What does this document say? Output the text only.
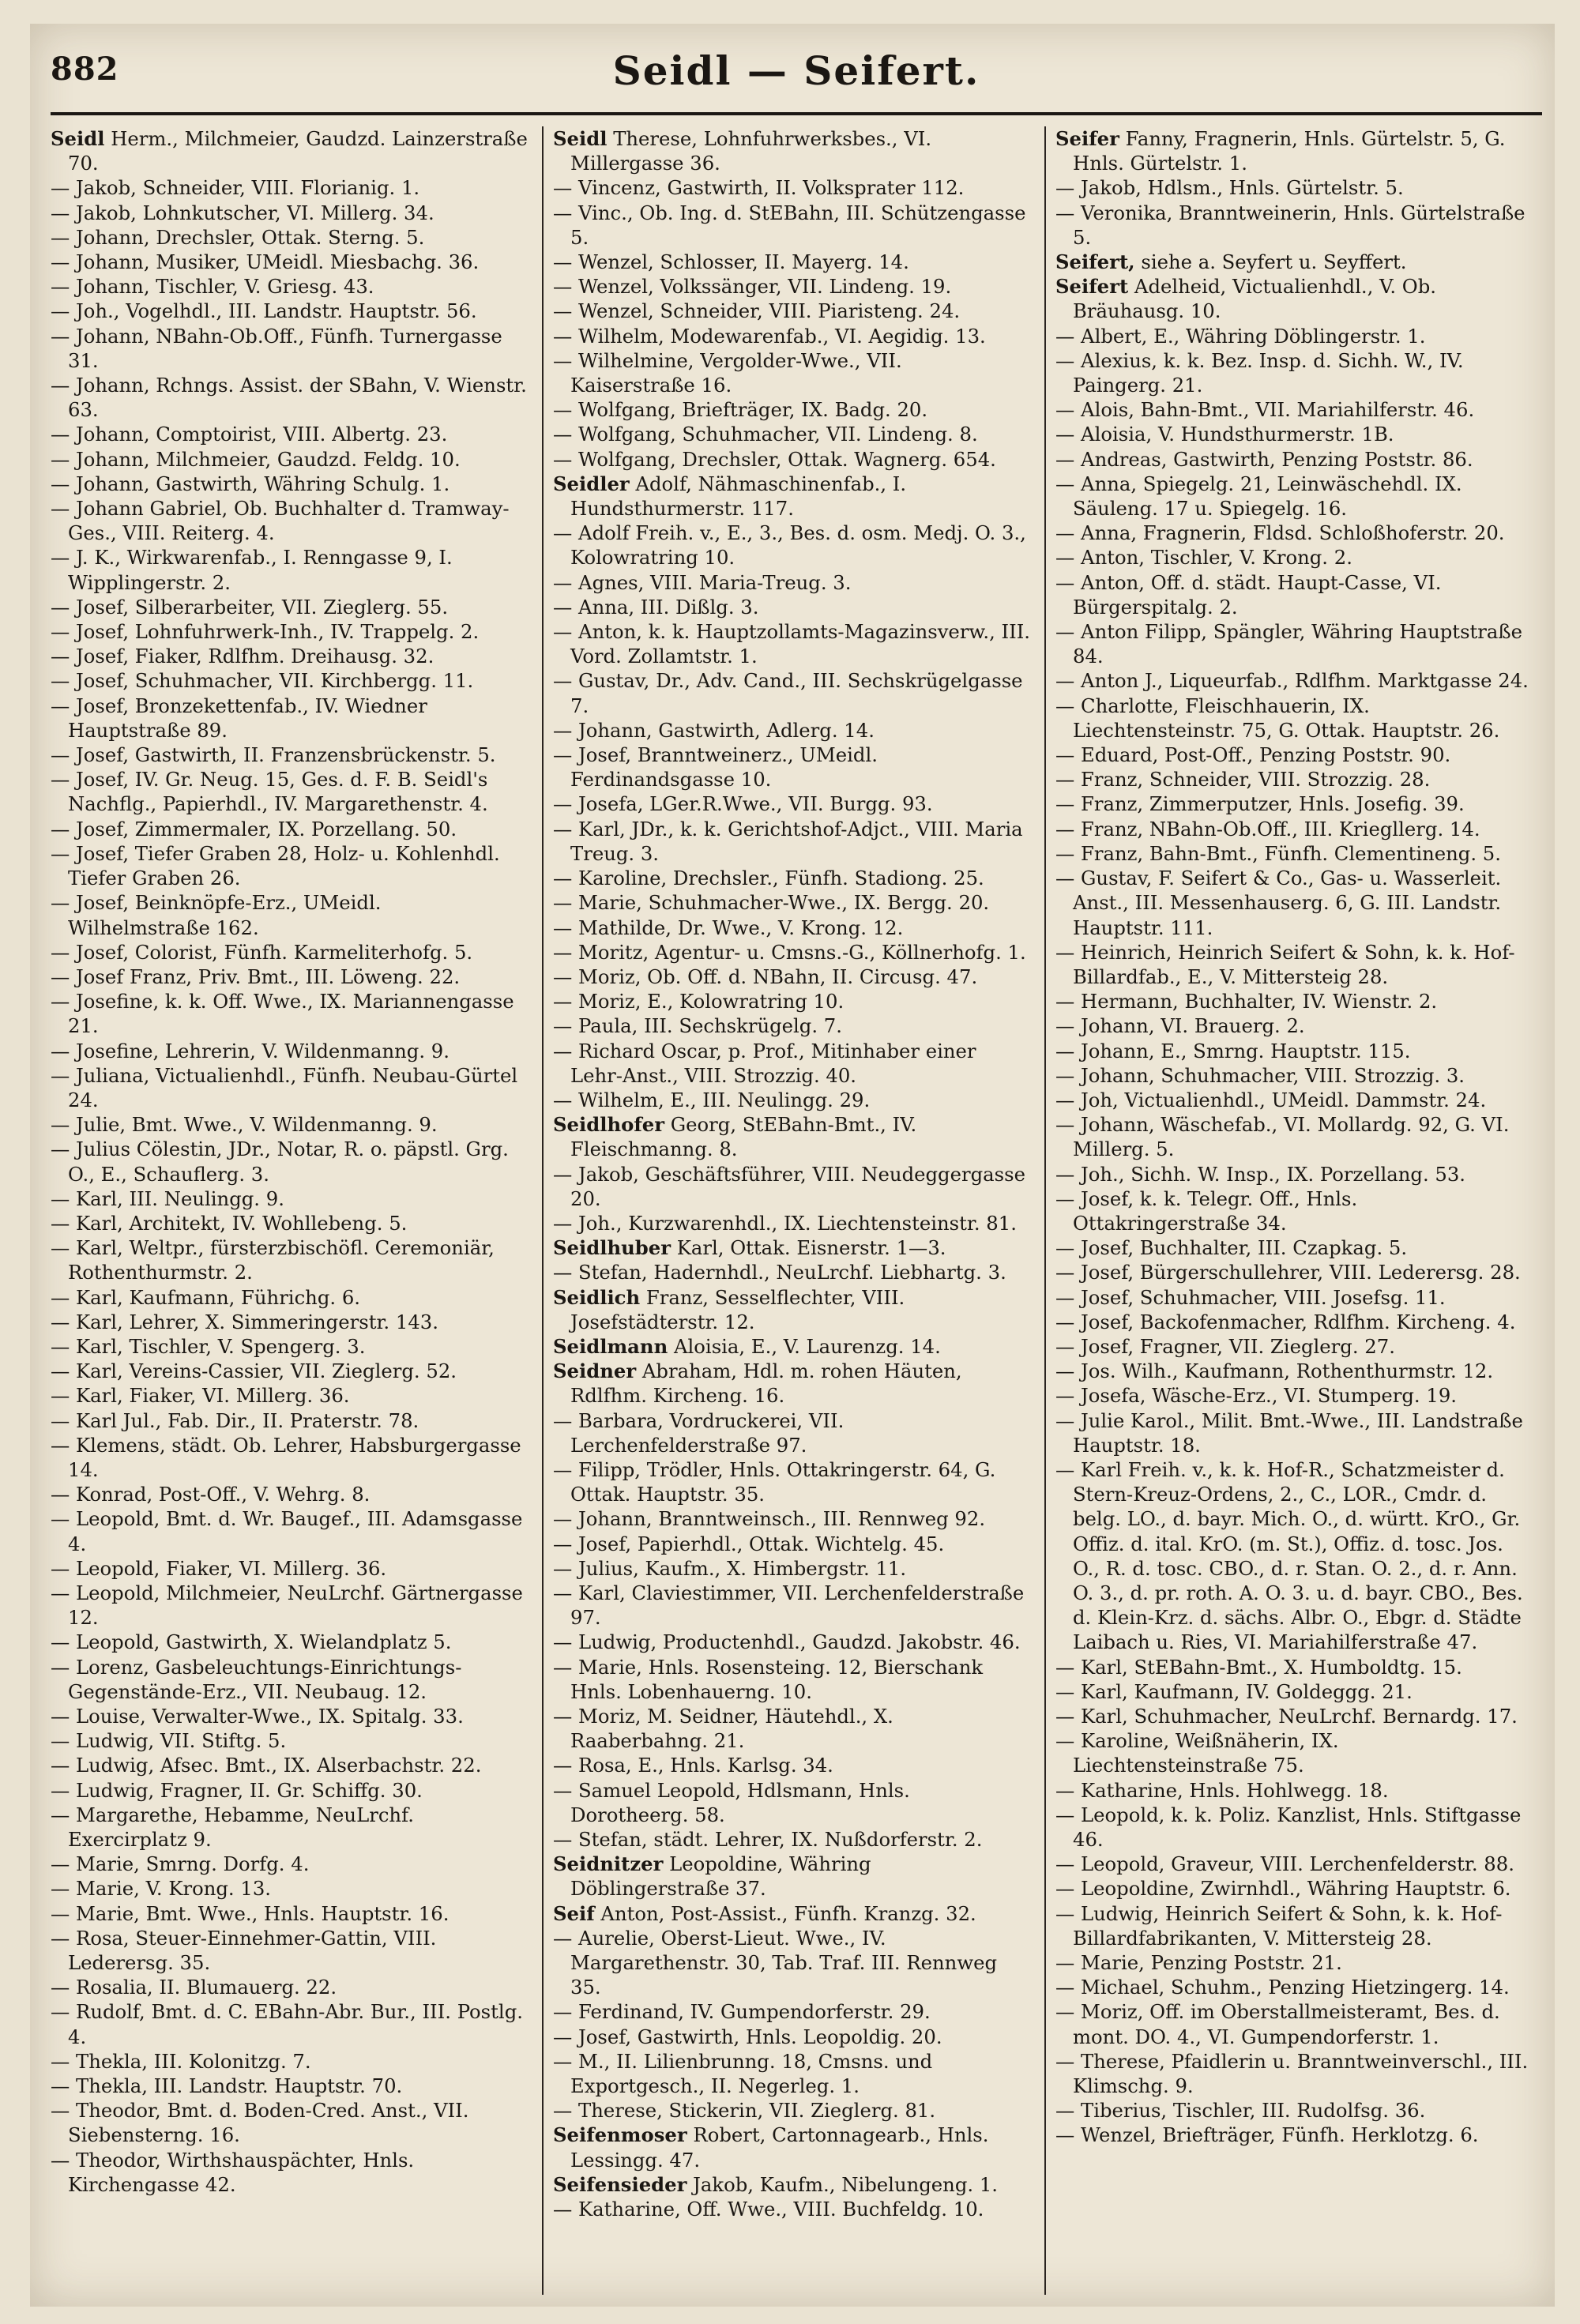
882	Seidl — Seifert.

Seidl Herm., Milchmeier, Gaudzd. Lainzerstraße 70.

— Jakob, Schneider, VIII. Florianig. 1.

— Jakob, Lohnkutscher, VI. Millerg. 34.

— Johann, Drechsler, Ottak. Sterng. 5.

— Johann, Musiker, UMeidl. Miesbachg. 36.

— Johann, Tischler, V. Griesg. 43.

— Joh., Vogelhdl., III. Landstr. Hauptstr. 56.

— Johann, NBahn-Ob.Off., Fünfh. Turnergasse 31.

— Johann, Rchngs. Assist. der SBahn, V. Wienstr. 63.

— Johann, Comptoirist, VIII. Albertg. 23.

— Johann, Milchmeier, Gaudzd. Feldg. 10.

— Johann, Gastwirth, Währing Schulg. 1.

— Johann Gabriel, Ob. Buchhalter d. Tramway-Ges., VIII. Reiterg. 4.

— J. K., Wirkwarenfab., I. Renngasse 9, I. Wipplingerstr. 2.

— Josef, Silberarbeiter, VII. Zieglerg. 55.

— Josef, Lohnfuhrwerk-Inh., IV. Trappelg. 2.

— Josef, Fiaker, Rdlfhm. Dreihausg. 32.

— Josef, Schuhmacher, VII. Kirchbergg. 11.

— Josef, Bronzekettenfab., IV. Wiedner Hauptstraße 89.

— Josef, Gastwirth, II. Franzensbrückenstr. 5.

— Josef, IV. Gr. Neug. 15, Ges. d. F. B. Seidl's Nachflg., Papierhdl., IV. Margarethenstr. 4.

— Josef, Zimmermaler, IX. Porzellang. 50.

— Josef, Tiefer Graben 28, Holz- u. Kohlenhdl. Tiefer Graben 26.

— Josef, Beinknöpfe-Erz., UMeidl. Wilhelmstraße 162.

— Josef, Colorist, Fünfh. Karmeliterhofg. 5.

— Josef Franz, Priv. Bmt., III. Löweng. 22.

— Josefine, k. k. Off. Wwe., IX. Mariannengasse 21.

— Josefine, Lehrerin, V. Wildenmanng. 9.

— Juliana, Victualienhdl., Fünfh. Neubau-Gürtel 24.

— Julie, Bmt. Wwe., V. Wildenmanng. 9.

— Julius Cölestin, JDr., Notar, R. o. päpstl. Grg. O., E., Schauflerg. 3.

— Karl, III. Neulingg. 9.

— Karl, Architekt, IV. Wohllebeng. 5.

— Karl, Weltpr., fürsterzbischöfl. Ceremoniär, Rothenthurmstr. 2.

— Karl, Kaufmann, Führichg. 6.

— Karl, Lehrer, X. Simmeringerstr. 143.

— Karl, Tischler, V. Spengerg. 3.

— Karl, Vereins-Cassier, VII. Zieglerg. 52.

— Karl, Fiaker, VI. Millerg. 36.

— Karl Jul., Fab. Dir., II. Praterstr. 78.

— Klemens, städt. Ob. Lehrer, Habsburgergasse 14.

— Konrad, Post-Off., V. Wehrg. 8.

— Leopold, Bmt. d. Wr. Baugef., III. Adamsgasse 4.

— Leopold, Fiaker, VI. Millerg. 36.

— Leopold, Milchmeier, NeuLrchf. Gärtnergasse 12.

— Leopold, Gastwirth, X. Wielandplatz 5.

— Lorenz, Gasbeleuchtungs-Einrichtungs-Gegenstände-Erz., VII. Neubaug. 12.

— Louise, Verwalter-Wwe., IX. Spitalg. 33.

— Ludwig, VII. Stiftg. 5.

— Ludwig, Afsec. Bmt., IX. Alserbachstr. 22.

— Ludwig, Fragner, II. Gr. Schiffg. 30.

— Margarethe, Hebamme, NeuLrchf. Exercirplatz 9.

— Marie, Smrng. Dorfg. 4.

— Marie, V. Krong. 13.

— Marie, Bmt. Wwe., Hnls. Hauptstr. 16.

— Rosa, Steuer-Einnehmer-Gattin, VIII. Lederersg. 35.

— Rosalia, II. Blumauerg. 22.

— Rudolf, Bmt. d. C. EBahn-Abr. Bur., III. Postlg. 4.

— Thekla, III. Kolonitzg. 7.

— Thekla, III. Landstr. Hauptstr. 70.

— Theodor, Bmt. d. Boden-Cred. Anst., VII. Siebensterng. 16.

— Theodor, Wirthshauspächter, Hnls. Kirchengasse 42.

Seidl Therese, Lohnfuhrwerksbes., VI. Millergasse 36.

— Vincenz, Gastwirth, II. Volksprater 112.

— Vinc., Ob. Ing. d. StEBahn, III. Schützengasse 5.

— Wenzel, Schlosser, II. Mayerg. 14.

— Wenzel, Volkssänger, VII. Lindeng. 19.

— Wenzel, Schneider, VIII. Piaristeng. 24.

— Wilhelm, Modewarenfab., VI. Aegidig. 13.

— Wilhelmine, Vergolder-Wwe., VII. Kaiserstraße 16.

— Wolfgang, Briefträger, IX. Badg. 20.

— Wolfgang, Schuhmacher, VII. Lindeng. 8.

— Wolfgang, Drechsler, Ottak. Wagnerg. 654.

Seidler Adolf, Nähmaschinenfab., I. Hundsthurmerstr. 117.

— Adolf Freih. v., E., 3., Bes. d. osm. Medj. O. 3., Kolowratring 10.

— Agnes, VIII. Maria-Treug. 3.

— Anna, III. Dißlg. 3.

— Anton, k. k. Hauptzollamts-Magazinsverw., III. Vord. Zollamtstr. 1.

— Gustav, Dr., Adv. Cand., III. Sechskrügelgasse 7.

— Johann, Gastwirth, Adlerg. 14.

— Josef, Branntweinerz., UMeidl. Ferdinandsgasse 10.

— Josefa, LGer.R.Wwe., VII. Burgg. 93.

— Karl, JDr., k. k. Gerichtshof-Adjct., VIII. Maria Treug. 3.

— Karoline, Drechsler., Fünfh. Stadiong. 25.

— Marie, Schuhmacher-Wwe., IX. Bergg. 20.

— Mathilde, Dr. Wwe., V. Krong. 12.

— Moritz, Agentur- u. Cmsns.-G., Köllnerhofg. 1.

— Moriz, Ob. Off. d. NBahn, II. Circusg. 47.

— Moriz, E., Kolowratring 10.

— Paula, III. Sechskrügelg. 7.

— Richard Oscar, p. Prof., Mitinhaber einer Lehr-Anst., VIII. Strozzig. 40.

— Wilhelm, E., III. Neulingg. 29.

Seidlhofer Georg, StEBahn-Bmt., IV. Fleischmanng. 8.

— Jakob, Geschäftsführer, VIII. Neudeggergasse 20.

— Joh., Kurzwarenhdl., IX. Liechtensteinstr. 81.

Seidlhuber Karl, Ottak. Eisnerstr. 1—3.

— Stefan, Hadernhdl., NeuLrchf. Liebhartg. 3.

Seidlich Franz, Sesselflechter, VIII. Josefstädterstr. 12.

Seidlmann Aloisia, E., V. Laurenzg. 14.

Seidner Abraham, Hdl. m. rohen Häuten, Rdlfhm. Kircheng. 16.

— Barbara, Vordruckerei, VII. Lerchenfelderstraße 97.

— Filipp, Trödler, Hnls. Ottakringerstr. 64, G. Ottak. Hauptstr. 35.

— Johann, Branntweinsch., III. Rennweg 92.

— Josef, Papierhdl., Ottak. Wichtelg. 45.

— Julius, Kaufm., X. Himbergstr. 11.

— Karl, Claviestimmer, VII. Lerchenfelderstraße 97.

— Ludwig, Productenhdl., Gaudzd. Jakobstr. 46.

— Marie, Hnls. Rosensteing. 12, Bierschank Hnls. Lobenhauerng. 10.

— Moriz, M. Seidner, Häutehdl., X. Raaberbahng. 21.

— Rosa, E., Hnls. Karlsg. 34.

— Samuel Leopold, Hdlsmann, Hnls. Dorotheerg. 58.

— Stefan, städt. Lehrer, IX. Nußdorferstr. 2.

Seidnitzer Leopoldine, Währing Döblingerstraße 37.

Seif Anton, Post-Assist., Fünfh. Kranzg. 32.

— Aurelie, Oberst-Lieut. Wwe., IV. Margarethenstr. 30, Tab. Traf. III. Rennweg 35.

— Ferdinand, IV. Gumpendorferstr. 29.

— Josef, Gastwirth, Hnls. Leopoldig. 20.

— M., II. Lilienbrunng. 18, Cmsns. und Exportgesch., II. Negerleg. 1.

— Therese, Stickerin, VII. Zieglerg. 81.

Seifenmoser Robert, Cartonnagearb., Hnls. Lessingg. 47.

Seifensieder Jakob, Kaufm., Nibelungeng. 1.

— Katharine, Off. Wwe., VIII. Buchfeldg. 10.

Seifer Fanny, Fragnerin, Hnls. Gürtelstr. 5, G. Hnls. Gürtelstr. 1.

— Jakob, Hdlsm., Hnls. Gürtelstr. 5.

— Veronika, Branntweinerin, Hnls. Gürtelstraße 5.

Seifert, siehe a. Seyfert u. Seyffert.

Seifert Adelheid, Victualienhdl., V. Ob. Bräuhausg. 10.

— Albert, E., Währing Döblingerstr. 1.

— Alexius, k. k. Bez. Insp. d. Sichh. W., IV. Paingerg. 21.

— Alois, Bahn-Bmt., VII. Mariahilferstr. 46.

— Aloisia, V. Hundsthurmerstr. 1B.

— Andreas, Gastwirth, Penzing Poststr. 86.

— Anna, Spiegelg. 21, Leinwäschehdl. IX. Säuleng. 17 u. Spiegelg. 16.

— Anna, Fragnerin, Fldsd. Schloßhoferstr. 20.

— Anton, Tischler, V. Krong. 2.

— Anton, Off. d. städt. Haupt-Casse, VI. Bürgerspitalg. 2.

— Anton Filipp, Spängler, Währing Hauptstraße 84.

— Anton J., Liqueurfab., Rdlfhm. Marktgasse 24.

— Charlotte, Fleischhauerin, IX. Liechtensteinstr. 75, G. Ottak. Hauptstr. 26.

— Eduard, Post-Off., Penzing Poststr. 90.

— Franz, Schneider, VIII. Strozzig. 28.

— Franz, Zimmerputzer, Hnls. Josefig. 39.

— Franz, NBahn-Ob.Off., III. Kriegllerg. 14.

— Franz, Bahn-Bmt., Fünfh. Clementineng. 5.

— Gustav, F. Seifert & Co., Gas- u. Wasserleit. Anst., III. Messenhauserg. 6, G. III. Landstr. Hauptstr. 111.

— Heinrich, Heinrich Seifert & Sohn, k. k. Hof-Billardfab., E., V. Mittersteig 28.

— Hermann, Buchhalter, IV. Wienstr. 2.

— Johann, VI. Brauerg. 2.

— Johann, E., Smrng. Hauptstr. 115.

— Johann, Schuhmacher, VIII. Strozzig. 3.

— Joh, Victualienhdl., UMeidl. Dammstr. 24.

— Johann, Wäschefab., VI. Mollardg. 92, G. VI. Millerg. 5.

— Joh., Sichh. W. Insp., IX. Porzellang. 53.

— Josef, k. k. Telegr. Off., Hnls. Ottakringerstraße 34.

— Josef, Buchhalter, III. Czapkag. 5.

— Josef, Bürgerschullehrer, VIII. Lederersg. 28.

— Josef, Schuhmacher, VIII. Josefsg. 11.

— Josef, Backofenmacher, Rdlfhm. Kircheng. 4.

— Josef, Fragner, VII. Zieglerg. 27.

— Jos. Wilh., Kaufmann, Rothenthurmstr. 12.

— Josefa, Wäsche-Erz., VI. Stumperg. 19.

— Julie Karol., Milit. Bmt.-Wwe., III. Landstraße Hauptstr. 18.

— Karl Freih. v., k. k. Hof-R., Schatzmeister d. Stern-Kreuz-Ordens, 2., C., LOR., Cmdr. d. belg. LO., d. bayr. Mich. O., d. württ. KrO., Gr. Offiz. d. ital. KrO. (m. St.), Offiz. d. tosc. Jos. O., R. d. tosc. CBO., d. r. Stan. O. 2., d. r. Ann. O. 3., d. pr. roth. A. O. 3. u. d. bayr. CBO., Bes. d. Klein-Krz. d. sächs. Albr. O., Ebgr. d. Städte Laibach u. Ries, VI. Mariahilferstraße 47.

— Karl, StEBahn-Bmt., X. Humboldtg. 15.

— Karl, Kaufmann, IV. Goldeggg. 21.

— Karl, Schuhmacher, NeuLrchf. Bernardg. 17.

— Karoline, Weißnäherin, IX. Liechtensteinstraße 75.

— Katharine, Hnls. Hohlwegg. 18.

— Leopold, k. k. Poliz. Kanzlist, Hnls. Stiftgasse 46.

— Leopold, Graveur, VIII. Lerchenfelderstr. 88.

— Leopoldine, Zwirnhdl., Währing Hauptstr. 6.

— Ludwig, Heinrich Seifert & Sohn, k. k. Hof-Billardfabrikanten, V. Mittersteig 28.

— Marie, Penzing Poststr. 21.

— Michael, Schuhm., Penzing Hietzingerg. 14.

— Moriz, Off. im Oberstallmeisteramt, Bes. d. mont. DO. 4., VI. Gumpendorferstr. 1.

— Therese, Pfaidlerin u. Branntweinverschl., III. Klimschg. 9.

— Tiberius, Tischler, III. Rudolfsg. 36.

— Wenzel, Briefträger, Fünfh. Herklotzg. 6.
